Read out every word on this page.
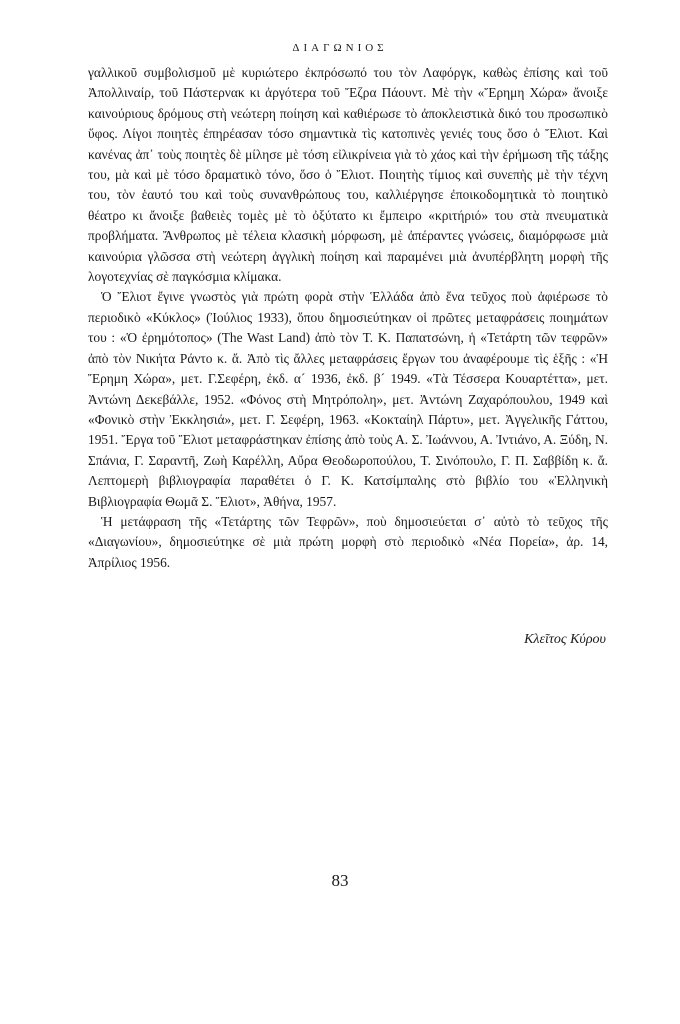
ΔΙΑΓΩΝΙΟΣ

γαλλικοῦ συμβολισμοῦ μὲ κυριώτερο ἐκπρόσωπό του τὸν Λαφόργκ, καθὼς ἐπίσης καὶ τοῦ Ἀπολλιναίρ, τοῦ Πάστερνακ κι ἀργότερα τοῦ Ἔζρα Πάουντ. Μὲ τὴν «Ἔρημη Χώρα» ἄνοιξε καινούριους δρόμους στὴ νεώτερη ποίηση καὶ καθιέρωσε τὸ ἀποκλειστικὰ δικό του προσωπικὸ ὕφος. Λίγοι ποιητὲς ἐπηρέασαν τόσο σημαντικὰ τὶς κατοπινὲς γενιές τους ὅσο ὁ Ἔλιοτ. Καὶ κανένας ἀπ᾽ τοὺς ποιητὲς δὲ μίλησε μὲ τόση εἰλικρίνεια γιὰ τὸ χάος καὶ τὴν ἐρήμωση τῆς τάξης του, μὰ καὶ μὲ τόσο δραματικὸ τόνο, ὅσο ὁ Ἔλιοτ. Ποιητὴς τίμιος καὶ συνεπὴς μὲ τὴν τέχνη του, τὸν ἑαυτό του καὶ τοὺς συνανθρώπους του, καλλιέργησε ἐποικοδομητικὰ τὸ ποιητικὸ θέατρο κι ἄνοιξε βαθειὲς τομὲς μὲ τὸ ὀξύτατο κι ἔμπειρο «κριτήριό» του στὰ πνευματικὰ προβλήματα. Ἄνθρωπος μὲ τέλεια κλασικὴ μόρφωση, μὲ ἀπέραντες γνώσεις, διαμόρφωσε μιὰ καινούρια γλῶσσα στὴ νεώτερη ἀγγλικὴ ποίηση καὶ παραμένει μιὰ ἀνυπέρβλητη μορφὴ τῆς λογοτεχνίας σὲ παγκόσμια κλίμακα.

Ὁ Ἔλιοτ ἔγινε γνωστὸς γιὰ πρώτη φορὰ στὴν Ἑλλάδα ἀπὸ ἕνα τεῦχος ποὺ ἀφιέρωσε τὸ περιοδικὸ «Κύκλος» (Ἰούλιος 1933), ὅπου δημοσιεύτηκαν οἱ πρῶτες μεταφράσεις ποιημάτων του : «Ὁ ἐρημότοπος» (The Wast Land) ἀπὸ τὸν Τ. Κ. Παπατσώνη, ἡ «Τετάρτη τῶν τεφρῶν» ἀπὸ τὸν Νικήτα Ράντο κ. ἄ. Ἀπὸ τὶς ἄλλες μεταφράσεις ἔργων του ἀναφέρουμε τὶς ἑξῆς : «Ἡ Ἔρημη Χώρα», μετ. Γ.Σεφέρη, ἐκδ. α´ 1936, ἐκδ. β´ 1949. «Τὰ Τέσσερα Κουαρτέττα», μετ. Ἀντώνη Δεκεβάλλε, 1952. «Φόνος στὴ Μητρόπολη», μετ. Ἀντώνη Ζαχαρόπουλου, 1949 καὶ «Φονικὸ στὴν Ἐκκλησιά», μετ. Γ. Σεφέρη, 1963. «Κοκταίηλ Πάρτυ», μετ. Ἀγγελικῆς Γάττου, 1951. Ἔργα τοῦ Ἔλιοτ μεταφράστηκαν ἐπίσης ἀπὸ τοὺς Α. Σ. Ἰωάννου, Α. Ἰντιάνο, Α. Ξύδη, Ν. Σπάνια, Γ. Σαραντῆ, Ζωὴ Καρέλλη, Αὔρα Θεοδωροπούλου, Τ. Σινόπουλο, Γ. Π. Σαββίδη κ. ἄ. Λεπτομερὴ βιβλιογραφία παραθέτει ὁ Γ. Κ. Κατσίμπαλης στὸ βιβλίο του «Ἑλληνικὴ Βιβλιογραφία Θωμᾶ Σ. Ἔλιοτ», Ἀθήνα, 1957.

Ἡ μετάφραση τῆς «Τετάρτης τῶν Τεφρῶν», ποὺ δημοσιεύεται σ᾽ αὐτὸ τὸ τεῦχος τῆς «Διαγωνίου», δημοσιεύτηκε σὲ μιὰ πρώτη μορφὴ στὸ περιοδικὸ «Νέα Πορεία», ἀρ. 14, Ἀπρίλιος 1956.

Κλεῖτος Κύρου
83
